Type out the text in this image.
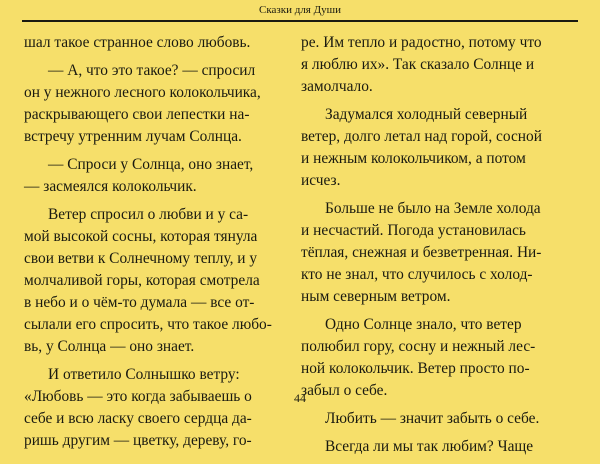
Сказки для Души

шал такое странное слово любовь.

— А, что это такое? — спросил
он у нежного лесного колокольчика,
раскрывающего свои лепестки на-
встречу утренним лучам Солнца.

— Спроси у Солнца, оно знает,
— засмеялся колокольчик.

Ветер спросил о любви и у са-
мой высокой сосны, которая тянула
свои ветви к Солнечному теплу, и у
молчаливой горы, которая смотрела
в небо и о чём-то думала — все от-
сылали его спросить, что такое любо-
вь, у Солнца — оно знает.

И ответило Солнышко ветру:
«Любовь — это когда забываешь о
себе и всю ласку своего сердца да-
ришь другим — цветку, дереву, го-

ре. Им тепло и радостно, потому что
я люблю их». Так сказало Солнце и
замолчало.

Задумался холодный северный
ветер, долго летал над горой, сосной
и нежным колокольчиком, а потом
исчез.

Больше не было на Земле холода
и несчастий. Погода установилась
тёплая, снежная и безветренная. Ни-
кто не знал, что случилось с холод-
ным северным ветром.

Одно Солнце знало, что ветер
полюбил гору, сосну и нежный лес-
ной колокольчик. Ветер просто по-
забыл о себе.

Любить — значит забыть о себе.

Всегда ли мы так любим? Чаще

44
